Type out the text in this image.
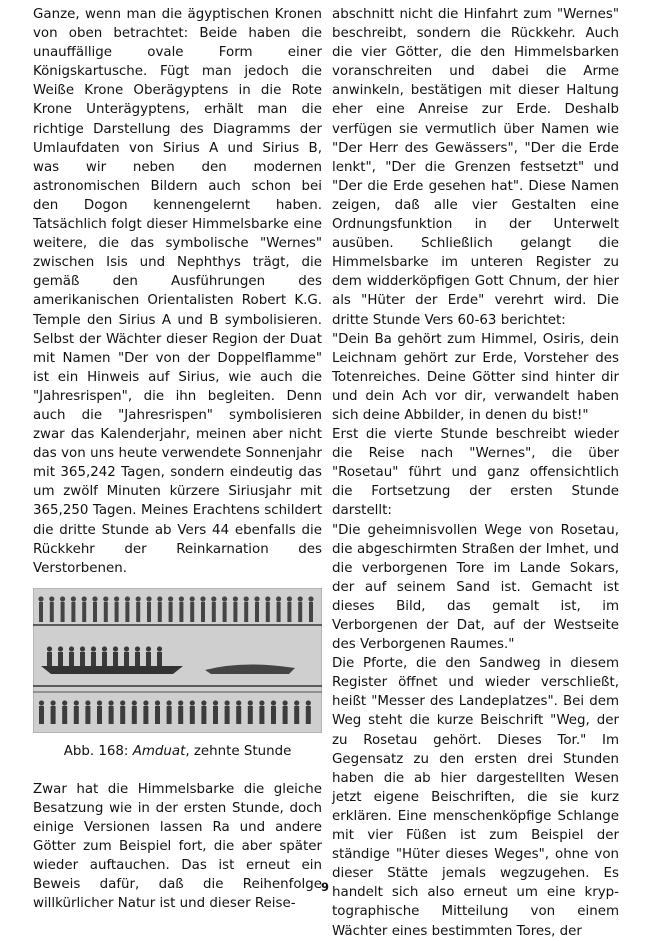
Ganze, wenn man die ägyptischen Kronen von oben betrachtet: Beide haben die unauffällige ovale Form einer Königskartusche. Fügt man jedoch die Weiße Krone Oberägyptens in die Rote Krone Unterägyptens, erhält man die richtige Darstellung des Diagramms der Umlaufdaten von Sirius A und Sirius B, was wir neben den modernen astronomischen Bildern auch schon bei den Dogon kennengelernt haben. Tatsächlich folgt dieser Himmelsbarke eine weitere, die das symbolische "Wernes" zwischen Isis und Nephthys trägt, die gemäß den Ausführungen des amerikanischen Orientalisten Robert K.G. Temple den Sirius A und B symbolisieren. Selbst der Wächter dieser Region der Duat mit Namen "Der von der Doppelflamme" ist ein Hinweis auf Sirius, wie auch die "Jahresrispen", die ihn begleiten. Denn auch die "Jahresrispen" symbolisieren zwar das Kalenderjahr, meinen aber nicht das von uns heute verwendete Sonnenjahr mit 365,242 Tagen, sondern eindeutig das um zwölf Minuten kürzere Siriusjahr mit 365,250 Tagen. Meines Erachtens schildert die dritte Stunde ab Vers 44 ebenfalls die Rückkehr der Reinkarnation des Verstorbenen.

Abb. 168: Amduat, zehnte Stunde

Zwar hat die Himmelsbarke die gleiche Besatzung wie in der ersten Stunde, doch einige Versionen lassen Ra und andere Götter zum Beispiel fort, die aber später wieder auftauchen. Das ist erneut ein Beweis dafür, daß die Reihenfolge willkürlicher Natur ist und dieser Reise-

abschnitt nicht die Hinfahrt zum "Wernes" beschreibt, sondern die Rückkehr. Auch die vier Götter, die den Himmelsbarken voranschreiten und dabei die Arme anwinkeln, bestätigen mit dieser Haltung eher eine Anreise zur Erde. Deshalb verfügen sie vermutlich über Namen wie "Der Herr des Gewässers", "Der die Erde lenkt", "Der die Grenzen festsetzt" und "Der die Erde gesehen hat". Diese Namen zeigen, daß alle vier Gestalten eine Ordnungsfunktion in der Unterwelt ausüben. Schließlich gelangt die Himmelsbarke im unteren Register zu dem widderköpfigen Gott Chnum, der hier als "Hüter der Erde" verehrt wird. Die dritte Stunde Vers 60-63 berichtet:

"Dein Ba gehört zum Himmel, Osiris, dein Leichnam gehört zur Erde, Vorsteher des Totenreiches. Deine Götter sind hinter dir und dein Ach vor dir, verwandelt haben sich deine Abbilder, in denen du bist!"

Erst die vierte Stunde beschreibt wieder die Reise nach "Wernes", die über "Rosetau" führt und ganz offensichtlich die Fortsetzung der ersten Stunde darstellt:

"Die geheimnisvollen Wege von Rosetau, die abgeschirmten Straßen der Imhet, und die verborgenen Tore im Lande Sokars, der auf seinem Sand ist. Gemacht ist dieses Bild, das gemalt ist, im Verborgenen der Dat, auf der Westseite des Verborgenen Raumes."

Die Pforte, die den Sandweg in diesem Register öffnet und wieder verschließt, heißt "Messer des Landeplatzes". Bei dem Weg steht die kurze Beischrift "Weg, der zu Rosetau gehört. Dieses Tor." Im Gegensatz zu den ersten drei Stunden haben die ab hier dargestellten Wesen jetzt eigene Beischriften, die sie kurz erklären. Eine menschenköpfige Schlange mit vier Füßen ist zum Beispiel der ständige "Hüter dieses Weges", ohne von dieser Stätte jemals wegzugehen. Es handelt sich also erneut um eine kryp-tographische Mitteilung von einem Wächter eines bestimmten Tores, der

9
